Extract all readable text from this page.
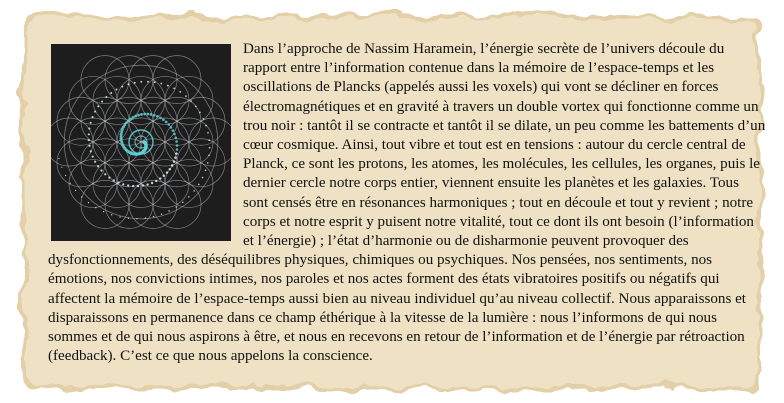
Dans l’approche de Nassim Haramein, l’énergie secrète de l’univers découle du rapport entre l’information contenue dans la mémoire de l’espace-temps et les oscillations de Plancks (appelés aussi les voxels) qui vont se décliner en forces électromagnétiques et en gravité à travers un double vortex qui fonctionne comme un trou noir : tantôt il se contracte et tantôt il se dilate, un peu comme les battements d’un cœur cosmique. Ainsi, tout vibre et tout est en tensions : autour du cercle central de Planck, ce sont les protons, les atomes, les molécules, les cellules, les organes, puis le dernier cercle notre corps entier, viennent ensuite les planètes et les galaxies. Tous sont censés être en résonances harmoniques ; tout en découle et tout y revient ; notre corps et notre esprit y puisent notre vitalité, tout ce dont ils ont besoin (l’information et l’énergie) ; l’état d’harmonie ou de disharmonie peuvent provoquer des dysfonctionnements, des déséquilibres physiques, chimiques ou psychiques. Nos pensées, nos sentiments, nos émotions, nos convictions intimes, nos paroles et nos actes forment des états vibratoires positifs ou négatifs qui affectent la mémoire de l’espace-temps aussi bien au niveau individuel qu’au niveau collectif. Nous apparaissons et disparaissons en permanence dans ce champ éthérique à la vitesse de la lumière : nous l’informons de qui nous sommes et de qui nous aspirons à être, et nous en recevons en retour de l’information et de l’énergie par rétroaction (feedback). C’est ce que nous appelons la conscience.
